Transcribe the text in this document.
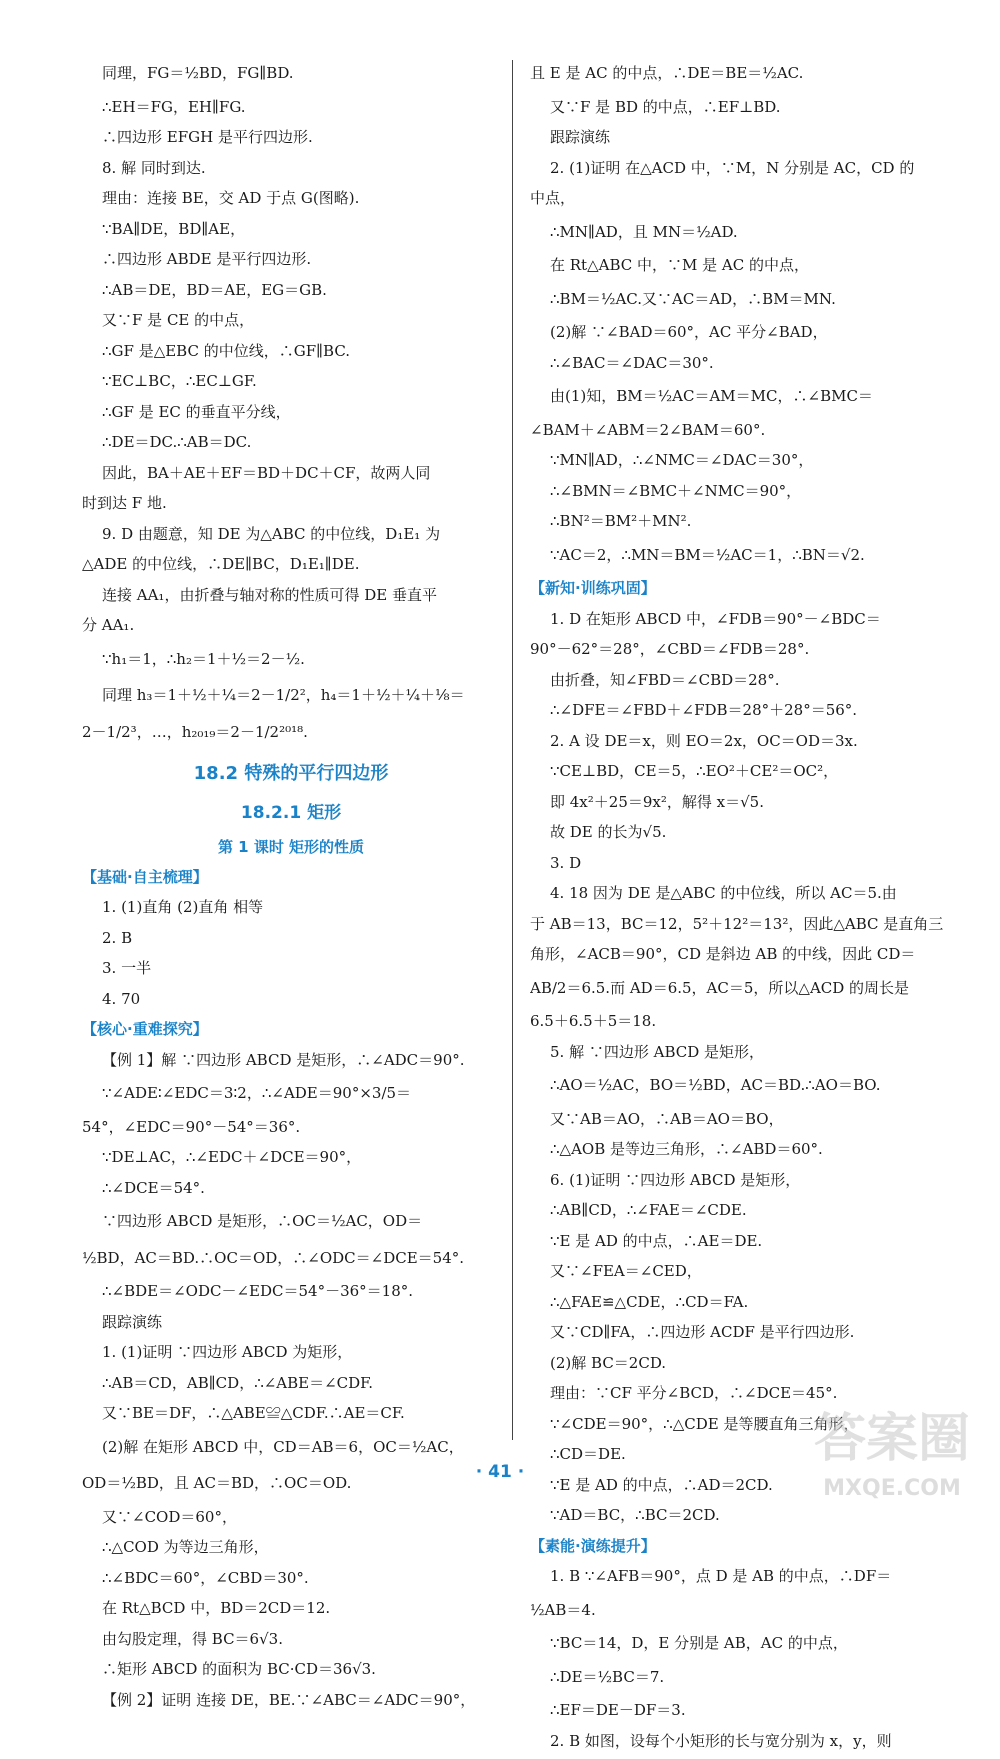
同理，FG＝½BD，FG∥BD.
∴EH＝FG，EH∥FG.
∴四边形 EFGH 是平行四边形.
8. 解 同时到达.
理由：连接 BE，交 AD 于点 G(图略).
∵BA∥DE，BD∥AE，
∴四边形 ABDE 是平行四边形.
∴AB＝DE，BD＝AE，EG＝GB.
又∵F 是 CE 的中点，
∴GF 是△EBC 的中位线，∴GF∥BC.
∵EC⊥BC，∴EC⊥GF.
∴GF 是 EC 的垂直平分线，
∴DE＝DC.∴AB＝DC.
因此，BA＋AE＋EF＝BD＋DC＋CF，故两人同
时到达 F 地.
9. D 由题意，知 DE 为△ABC 的中位线，D₁E₁ 为
△ADE 的中位线，∴DE∥BC，D₁E₁∥DE.
连接 AA₁，由折叠与轴对称的性质可得 DE 垂直平
分 AA₁.
∵h₁＝1，∴h₂＝1＋½＝2－½.
同理 h₃＝1＋½＋¼＝2－1/2²，h₄＝1＋½＋¼＋⅛＝
2－1/2³，…，h₂₀₁₉＝2－1/2²⁰¹⁸.
18.2 特殊的平行四边形
18.2.1 矩形
第 1 课时 矩形的性质
【基础·自主梳理】
1. (1)直角 (2)直角 相等
2. B
3. 一半
4. 70
【核心·重难探究】
【例 1】解 ∵四边形 ABCD 是矩形，∴∠ADC＝90°.
∵∠ADE∶∠EDC＝3∶2，∴∠ADE＝90°×3/5＝
54°，∠EDC＝90°－54°＝36°.
∵DE⊥AC，∴∠EDC＋∠DCE＝90°，
∴∠DCE＝54°.
∵四边形 ABCD 是矩形，∴OC＝½AC，OD＝
½BD，AC＝BD.∴OC＝OD，∴∠ODC＝∠DCE＝54°.
∴∠BDE＝∠ODC－∠EDC＝54°－36°＝18°.
跟踪演练
1. (1)证明 ∵四边形 ABCD 为矩形，
∴AB＝CD，AB∥CD，∴∠ABE＝∠CDF.
又∵BE＝DF，∴△ABE≌△CDF.∴AE＝CF.
(2)解 在矩形 ABCD 中，CD＝AB＝6，OC＝½AC，
OD＝½BD，且 AC＝BD，∴OC＝OD.
又∵∠COD＝60°，
∴△COD 为等边三角形，
∴∠BDC＝60°，∠CBD＝30°.
在 Rt△BCD 中，BD＝2CD＝12.
由勾股定理，得 BC＝6√3.
∴矩形 ABCD 的面积为 BC·CD＝36√3.
【例 2】证明 连接 DE，BE.∵∠ABC＝∠ADC＝90°，
且 E 是 AC 的中点，∴DE＝BE＝½AC.
又∵F 是 BD 的中点，∴EF⊥BD.
跟踪演练
2. (1)证明 在△ACD 中，∵M，N 分别是 AC，CD 的
中点，
∴MN∥AD，且 MN＝½AD.
在 Rt△ABC 中，∵M 是 AC 的中点，
∴BM＝½AC.又∵AC＝AD，∴BM＝MN.
(2)解 ∵∠BAD＝60°，AC 平分∠BAD，
∴∠BAC＝∠DAC＝30°.
由(1)知，BM＝½AC＝AM＝MC，∴∠BMC＝
∠BAM＋∠ABM＝2∠BAM＝60°.
∵MN∥AD，∴∠NMC＝∠DAC＝30°，
∴∠BMN＝∠BMC＋∠NMC＝90°，
∴BN²＝BM²＋MN².
∵AC＝2，∴MN＝BM＝½AC＝1，∴BN＝√2.
【新知·训练巩固】
1. D 在矩形 ABCD 中，∠FDB＝90°－∠BDC＝
90°－62°＝28°，∠CBD＝∠FDB＝28°.
由折叠，知∠FBD＝∠CBD＝28°.
∴∠DFE＝∠FBD＋∠FDB＝28°＋28°＝56°.
2. A 设 DE＝x，则 EO＝2x，OC＝OD＝3x.
∵CE⊥BD，CE＝5，∴EO²＋CE²＝OC²，
即 4x²＋25＝9x²，解得 x＝√5.
故 DE 的长为√5.
3. D
4. 18 因为 DE 是△ABC 的中位线，所以 AC＝5.由
于 AB＝13，BC＝12，5²＋12²＝13²，因此△ABC 是直角三
角形，∠ACB＝90°，CD 是斜边 AB 的中线，因此 CD＝
AB/2＝6.5.而 AD＝6.5，AC＝5，所以△ACD 的周长是
6.5＋6.5＋5＝18.
5. 解 ∵四边形 ABCD 是矩形，
∴AO＝½AC，BO＝½BD，AC＝BD.∴AO＝BO.
又∵AB＝AO，∴AB＝AO＝BO，
∴△AOB 是等边三角形，∴∠ABD＝60°.
6. (1)证明 ∵四边形 ABCD 是矩形，
∴AB∥CD，∴∠FAE＝∠CDE.
∵E 是 AD 的中点，∴AE＝DE.
又∵∠FEA＝∠CED，
∴△FAE≌△CDE，∴CD＝FA.
又∵CD∥FA，∴四边形 ACDF 是平行四边形.
(2)解 BC＝2CD.
理由：∵CF 平分∠BCD，∴∠DCE＝45°.
∵∠CDE＝90°，∴△CDE 是等腰直角三角形，
∴CD＝DE.
∵E 是 AD 的中点，∴AD＝2CD.
∵AD＝BC，∴BC＝2CD.
【素能·演练提升】
1. B ∵∠AFB＝90°，点 D 是 AB 的中点，∴DF＝
½AB＝4.
∵BC＝14，D，E 分别是 AB，AC 的中点，
∴DE＝½BC＝7.
∴EF＝DE－DF＝3.
2. B 如图，设每个小矩形的长与宽分别为 x，y，则
· 41 ·
答案圈
MXQE.COM
